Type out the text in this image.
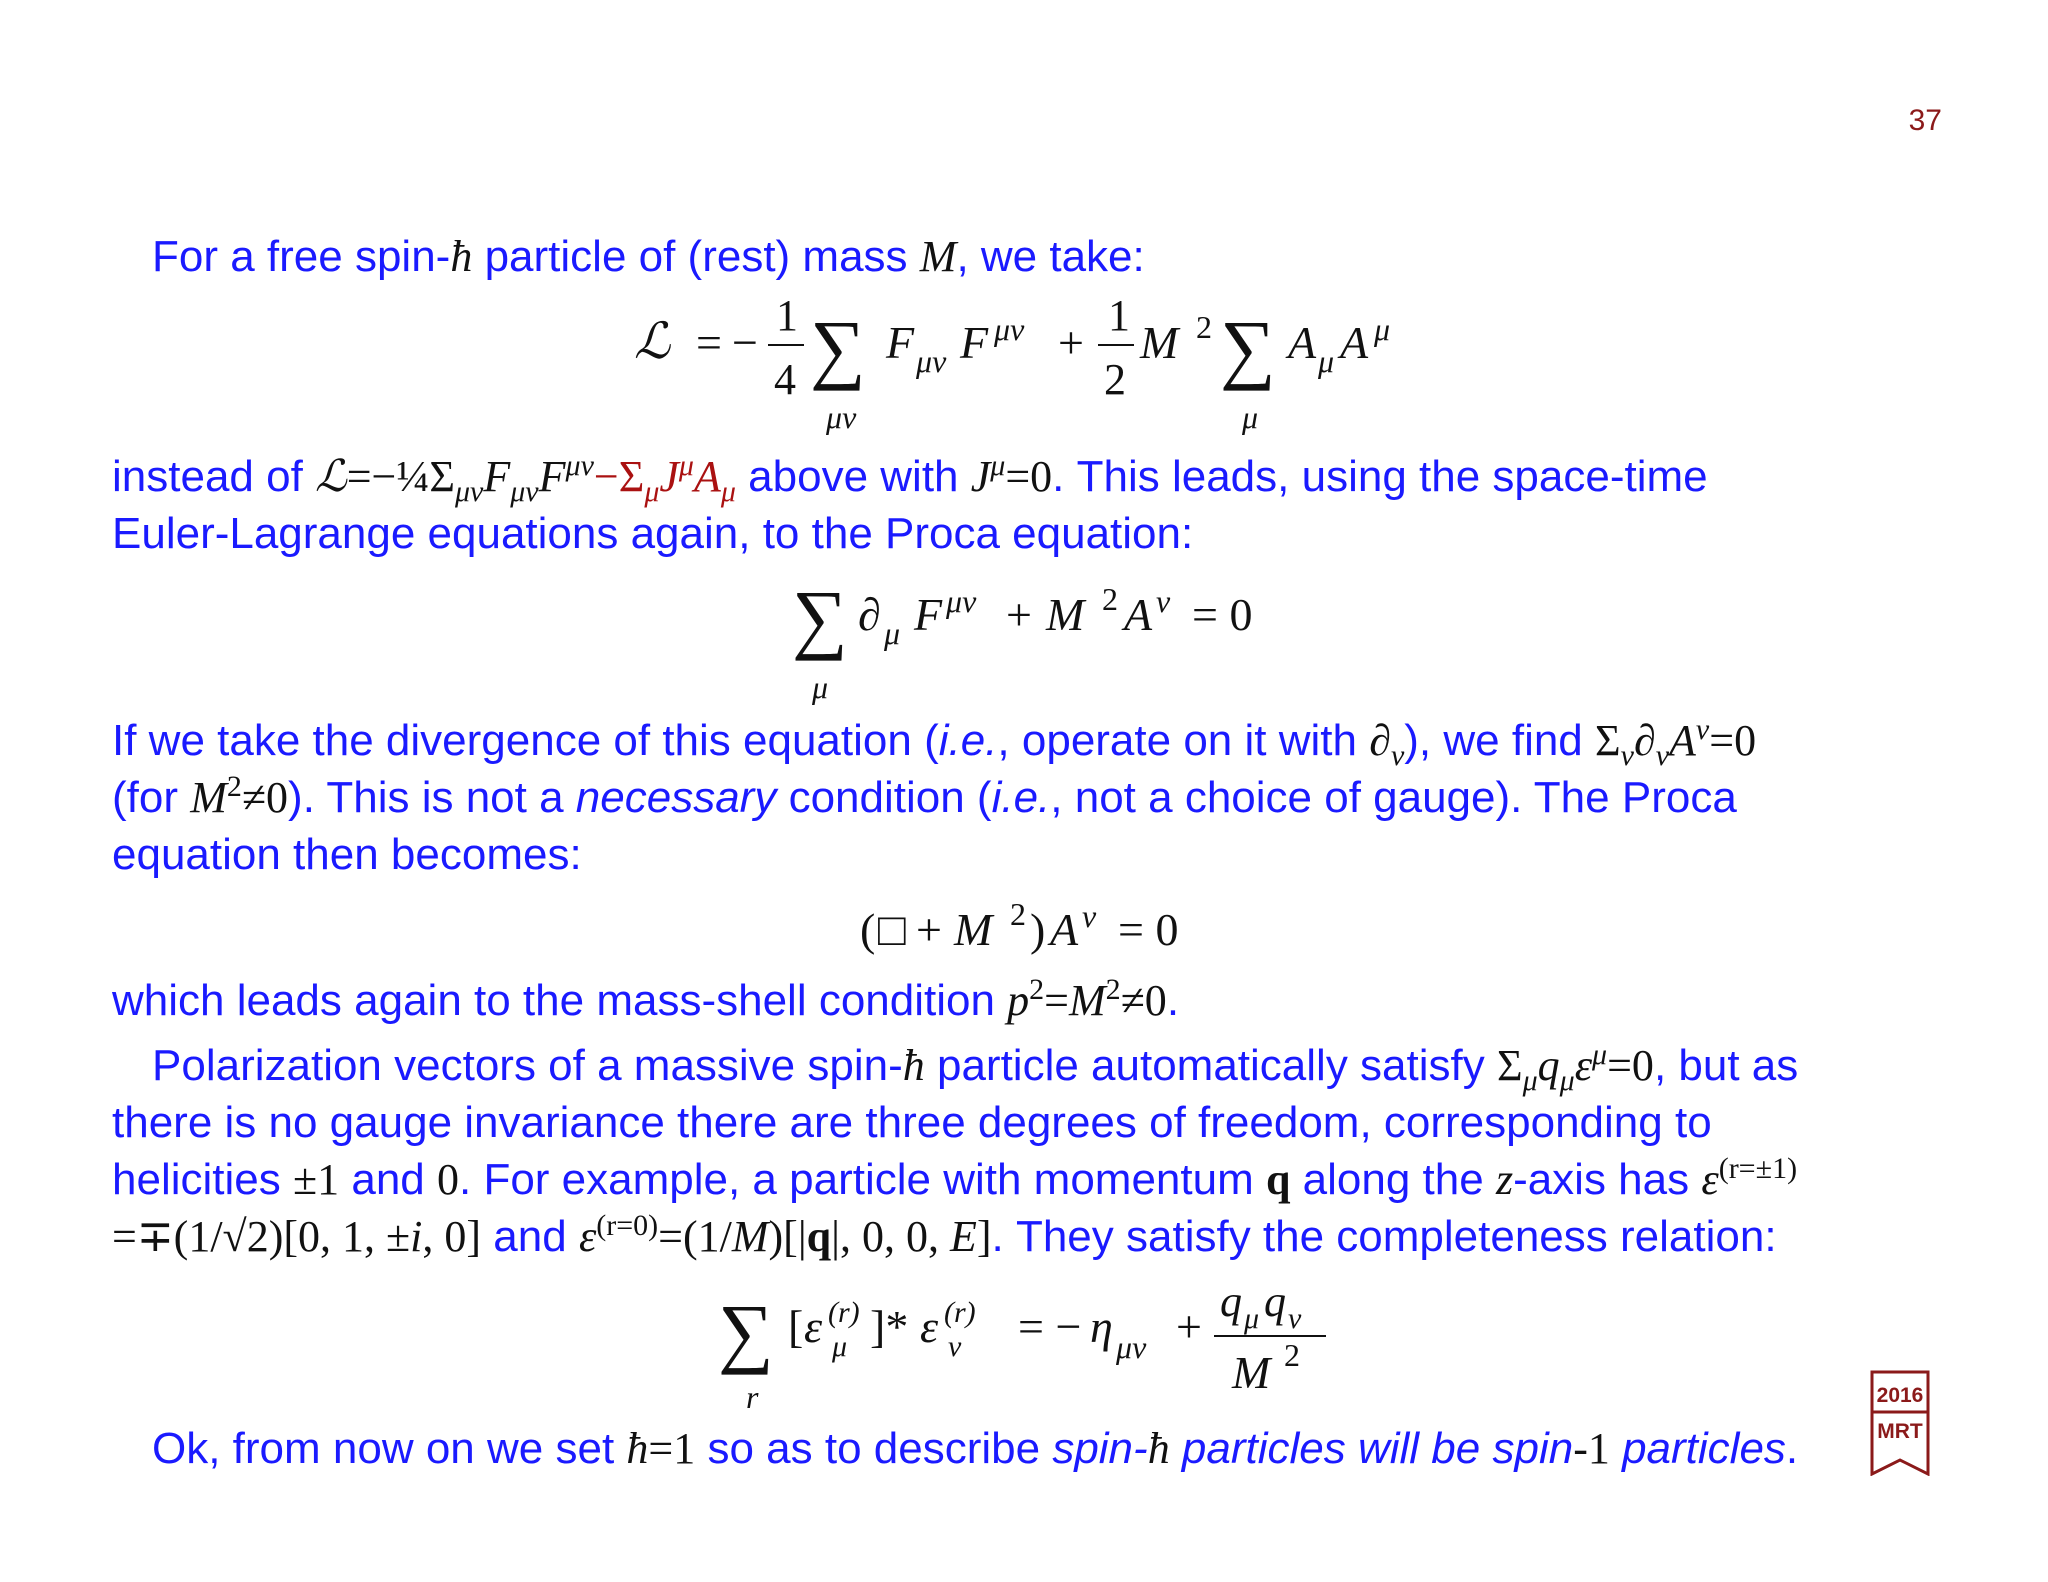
37
For a free spin-ħ particle of (rest) mass M, we take:
ℒ = −
1
4 ∑
μν
F μν F μν +
1
2
M 2 ∑
μ
A μ A μ
instead of $ℒ=-\frac{1}{4}\Sigma_{\mu\nu}F_{\mu\nu}F^{\mu\nu}-\Sigma_\mu J^\mu A_\mu$ above with $J^\mu=0$. This leads, using the space-time
Euler-Lagrange equations again, to the Proca equation:
∑
μ
∂ μ F μν + M 2 A ν = 0
If we take the divergence of this equation (i.e., operate on it with $\partial_\nu$), we find $\Sigma_\nu\partial_\nu A^\nu=0$
(for $M^2\ne 0$). This is not a necessary condition (i.e., not a choice of gauge). The Proca
equation then becomes:
( □ + M 2 ) A ν = 0
which leads again to the mass-shell condition $p^2=M^2\ne 0$.
Polarization vectors of a massive spin-ħ particle automatically satisfy $\Sigma_\mu q_\mu\varepsilon^\mu=0$, but as
there is no gauge invariance there are three degrees of freedom, corresponding to
helicities ±1 and 0. For example, a particle with momentum q along the z-axis has $\varepsilon^{(r=\pm 1)}$
=∓(1/√2)[0, 1, ±i, 0] and $\varepsilon^{(r=0)}=(1/M)[|q|$, 0, 0, E]. They satisfy the completeness relation:
∑
r
[ ε (r)
μ ]* ε (r)
ν = − η μν + q μ q ν
M 2
Ok, from now on we set ħ=1 so as to describe spin-ħ particles will be spin-1 particles.
2016
MRT
